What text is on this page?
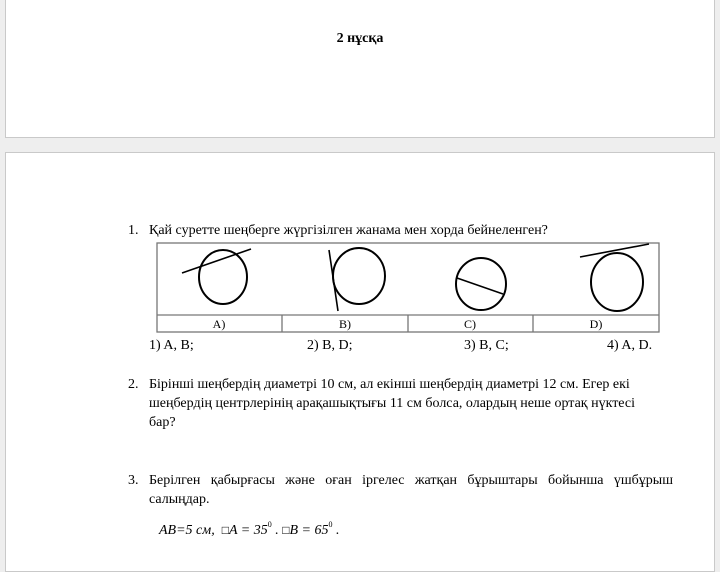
2 нұсқа
1. Қай суретте шеңберге жүргізілген жанама мен хорда бейнеленген?
A)	B)	C)	D)
1) A, B;	2) B, D;	3) B, C;	4) A, D.
2. Бірінші шеңбердің диаметрі 10 см, ал екінші шеңбердің диаметрі 12 см. Егер екі
шеңбердің центрлерінің арақашықтығы 11 см болса, олардың неше ортақ нүктесі
бар?
3. Берілген қабырғасы және оған іргелес жатқан бұрыштары бойынша үшбұрыш
салыңдар.
AB=5 см, □A = $35^0$ . □B = $65^0$ .
